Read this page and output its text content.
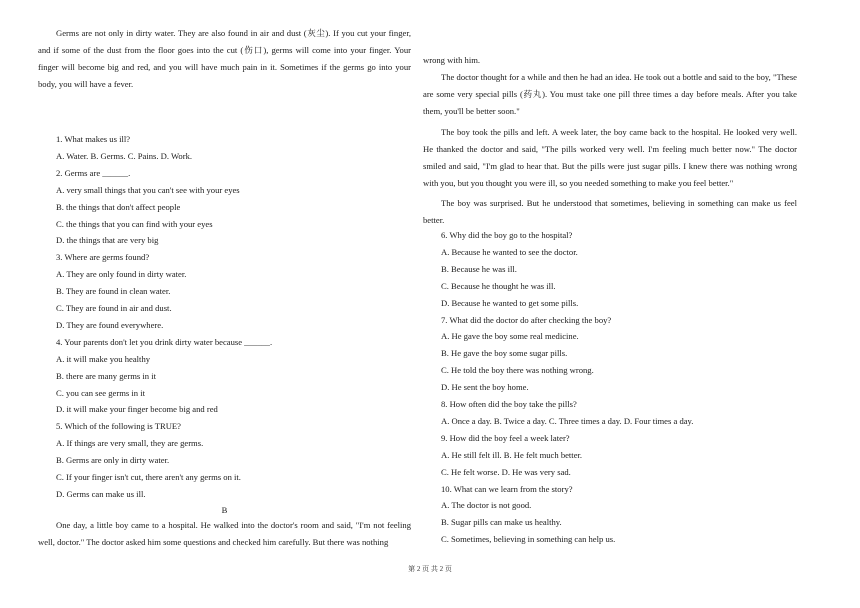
Germs are not only in dirty water. They are also found in air and dust (灰尘). If you cut your finger, and if some of the dust from the floor goes into the cut (伤口), germs will come into your finger. Your finger will become big and red, and you will have much pain in it. Sometimes if the germs go into your body, you will have a fever.

1. What makes us ill?
A. Water. B. Germs. C. Pains. D. Work.
2. Germs are ______.
A. very small things that you can't see with your eyes
B. the things that don't affect people
C. the things that you can find with your eyes
D. the things that are very big
3. Where are germs found?
A. They are only found in dirty water.
B. They are found in clean water.
C. They are found in air and dust.
D. They are found everywhere.
4. Your parents don't let you drink dirty water because ______.
A. it will make you healthy
B. there are many germs in it
C. you can see germs in it
D. it will make your finger become big and red
5. Which of the following is TRUE?
A. If things are very small, they are germs.
B. Germs are only in dirty water.
C. If your finger isn't cut, there aren't any germs on it.
D. Germs can make us ill.
B

One day, a little boy came to a hospital. He walked into the doctor's room and said, "I'm not feeling well, doctor." The doctor asked him some questions and checked him carefully. But there was nothing

wrong with him.

The doctor thought for a while and then he had an idea. He took out a bottle and said to the boy, "These are some very special pills (药丸). You must take one pill three times a day before meals. After you take them, you'll be better soon."

The boy took the pills and left. A week later, the boy came back to the hospital. He looked very well. He thanked the doctor and said, "The pills worked very well. I'm feeling much better now." The doctor smiled and said, "I'm glad to hear that. But the pills were just sugar pills. I knew there was nothing wrong with you, but you thought you were ill, so you needed something to make you feel better."

The boy was surprised. But he understood that sometimes, believing in something can make us feel better.

6. Why did the boy go to the hospital?
A. Because he wanted to see the doctor.
B. Because he was ill.
C. Because he thought he was ill.
D. Because he wanted to get some pills.
7. What did the doctor do after checking the boy?
A. He gave the boy some real medicine.
B. He gave the boy some sugar pills.
C. He told the boy there was nothing wrong.
D. He sent the boy home.
8. How often did the boy take the pills?
A. Once a day. B. Twice a day. C. Three times a day. D. Four times a day.
9. How did the boy feel a week later?
A. He still felt ill. B. He felt much better.
C. He felt worse. D. He was very sad.
10. What can we learn from the story?
A. The doctor is not good.
B. Sugar pills can make us healthy.
C. Sometimes, believing in something can help us.
第 2 页 共 2 页
